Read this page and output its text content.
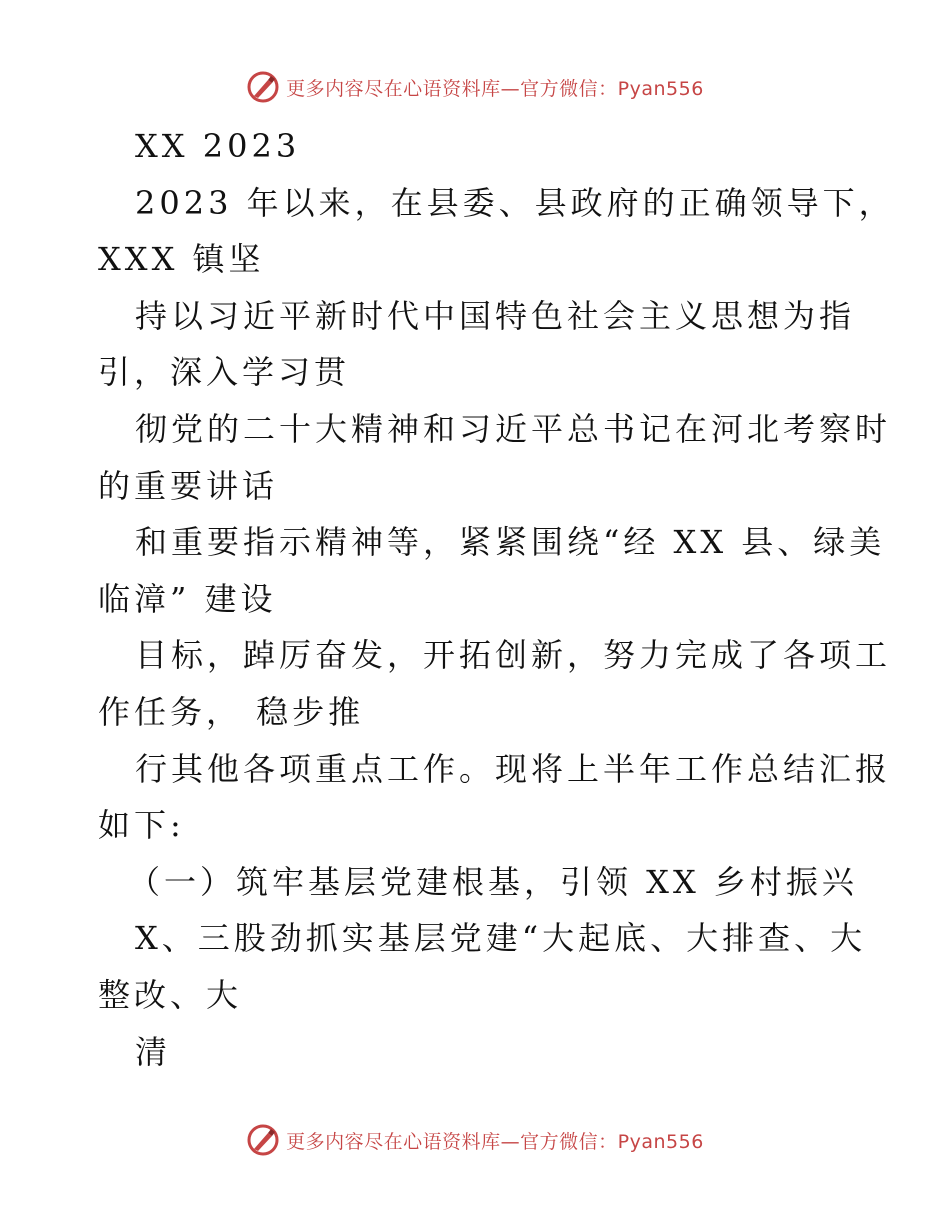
更多内容尽在心语资料库—官方微信：Pyan556
XX 2023
2023 年以来，在县委、县政府的正确领导下，
XXX 镇坚
持以习近平新时代中国特色社会主义思想为指
引，深入学习贯
彻党的二十大精神和习近平总书记在河北考察时
的重要讲话
和重要指示精神等，紧紧围绕“经 XX 县、绿美
临漳” 建设
目标，踔厉奋发，开拓创新，努力完成了各项工
作任务， 稳步推
行其他各项重点工作。现将上半年工作总结汇报
如下:
（一）筑牢基层党建根基，引领 XX 乡村振兴
X、三股劲抓实基层党建“大起底、大排查、大
整改、大
清
更多内容尽在心语资料库—官方微信：Pyan556
